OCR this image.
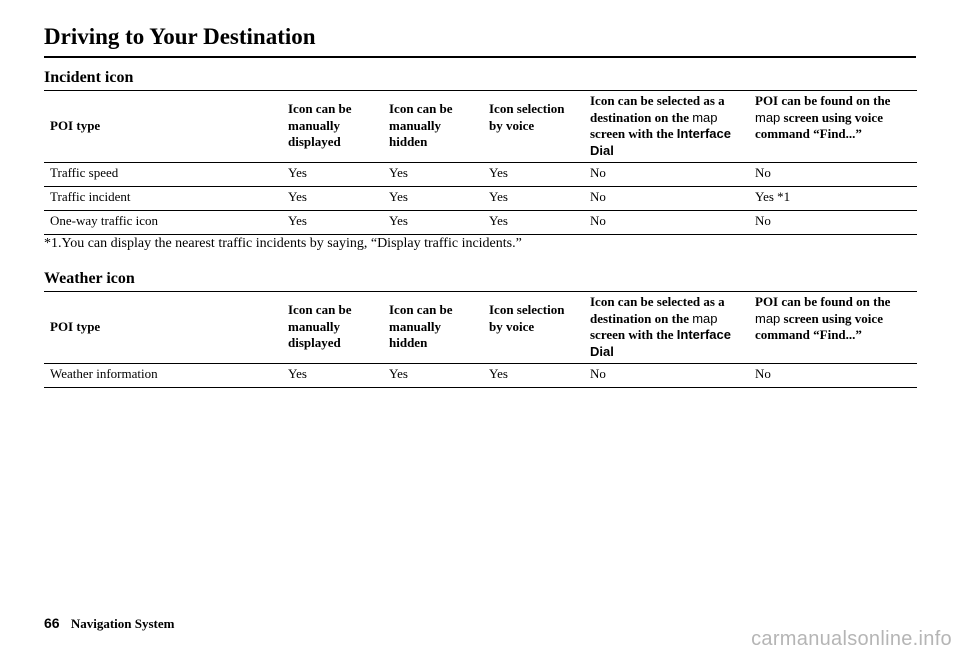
Driving to Your Destination
Incident icon
POI type	Icon can be manually displayed	Icon can be manually hidden	Icon selection by voice	Icon can be selected as a destination on the map screen with the Interface Dial	POI can be found on the map screen using voice command “Find...”
Traffic speed	Yes	Yes	Yes	No	No
Traffic incident	Yes	Yes	Yes	No	Yes *1
One-way traffic icon	Yes	Yes	Yes	No	No

*1.You can display the nearest traffic incidents by saying, “Display traffic incidents.”

Weather icon
POI type	Icon can be manually displayed	Icon can be manually hidden	Icon selection by voice	Icon can be selected as a destination on the map screen with the Interface Dial	POI can be found on the map screen using voice command “Find...”
Weather information	Yes	Yes	Yes	No	No
66 Navigation System
carmanualsonline.info
